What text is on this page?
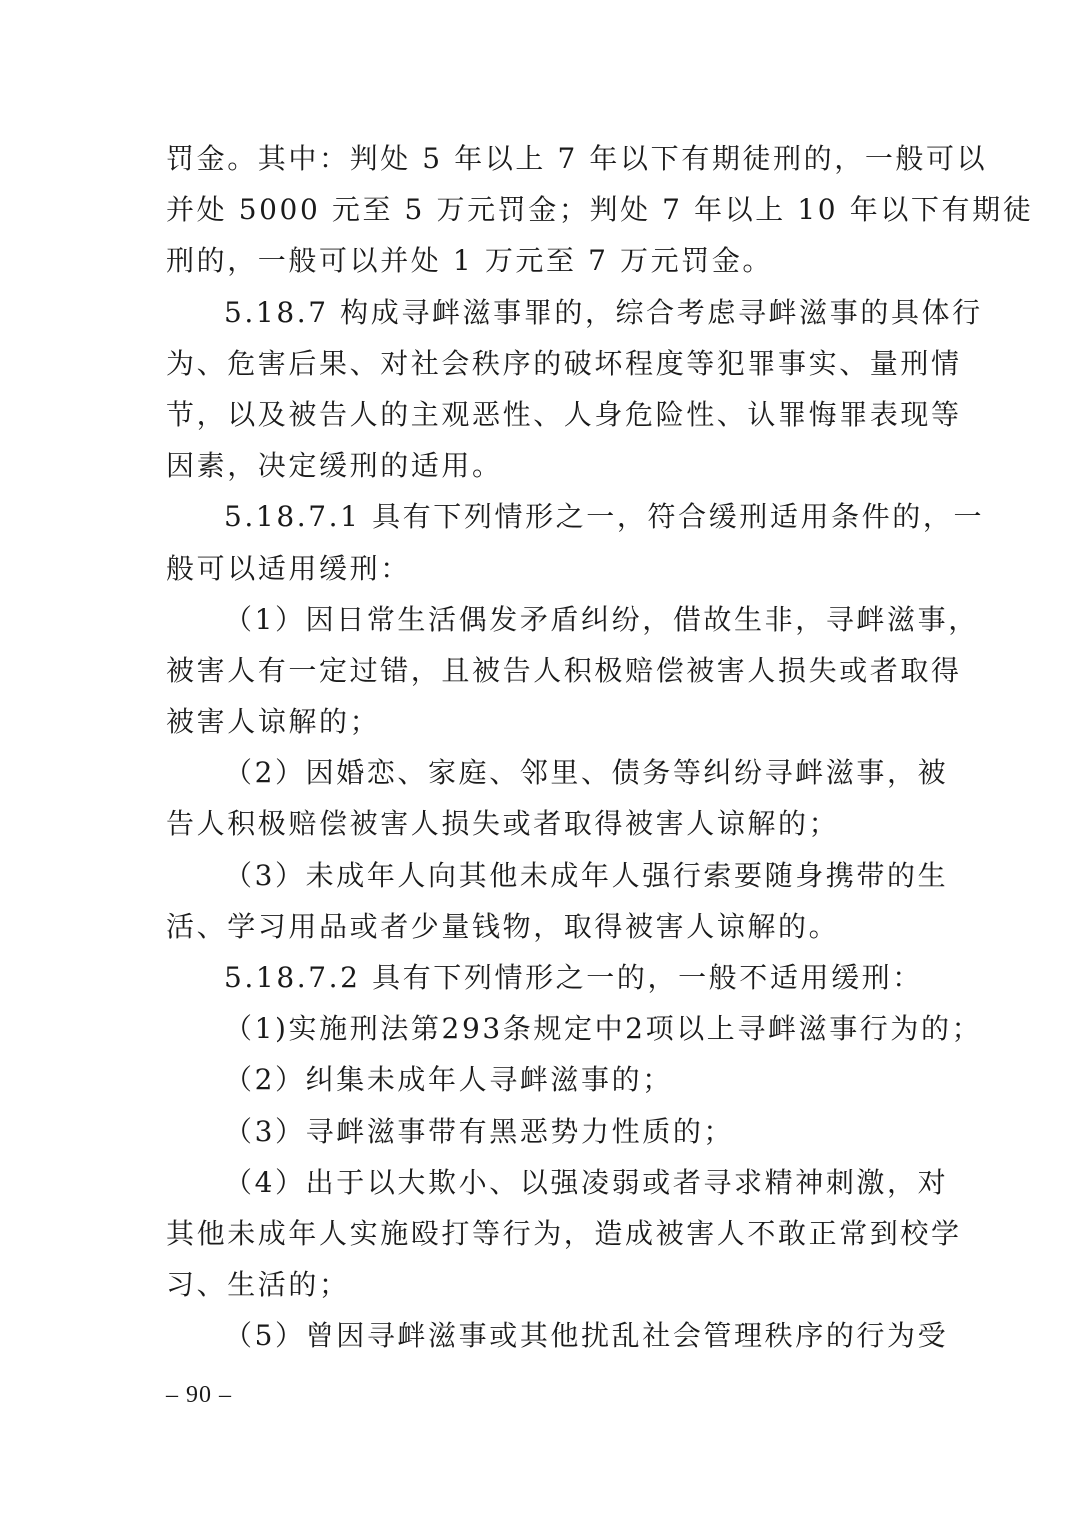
罚金。其中：判处 5 年以上 7 年以下有期徒刑的，一般可以
并处 5000 元至 5 万元罚金；判处 7 年以上 10 年以下有期徒
刑的，一般可以并处 1 万元至 7 万元罚金。
5.18.7 构成寻衅滋事罪的，综合考虑寻衅滋事的具体行
为、危害后果、对社会秩序的破坏程度等犯罪事实、量刑情
节，以及被告人的主观恶性、人身危险性、认罪悔罪表现等
因素，决定缓刑的适用。
5.18.7.1 具有下列情形之一，符合缓刑适用条件的，一
般可以适用缓刑：
（1）因日常生活偶发矛盾纠纷，借故生非，寻衅滋事，
被害人有一定过错，且被告人积极赔偿被害人损失或者取得
被害人谅解的；
（2）因婚恋、家庭、邻里、债务等纠纷寻衅滋事，被
告人积极赔偿被害人损失或者取得被害人谅解的；
（3）未成年人向其他未成年人强行索要随身携带的生
活、学习用品或者少量钱物，取得被害人谅解的。
5.18.7.2 具有下列情形之一的，一般不适用缓刑：
（1)实施刑法第293条规定中2项以上寻衅滋事行为的；
（2）纠集未成年人寻衅滋事的；
（3）寻衅滋事带有黑恶势力性质的；
（4）出于以大欺小、以强凌弱或者寻求精神刺激，对
其他未成年人实施殴打等行为，造成被害人不敢正常到校学
习、生活的；
（5）曾因寻衅滋事或其他扰乱社会管理秩序的行为受
– 90 –
